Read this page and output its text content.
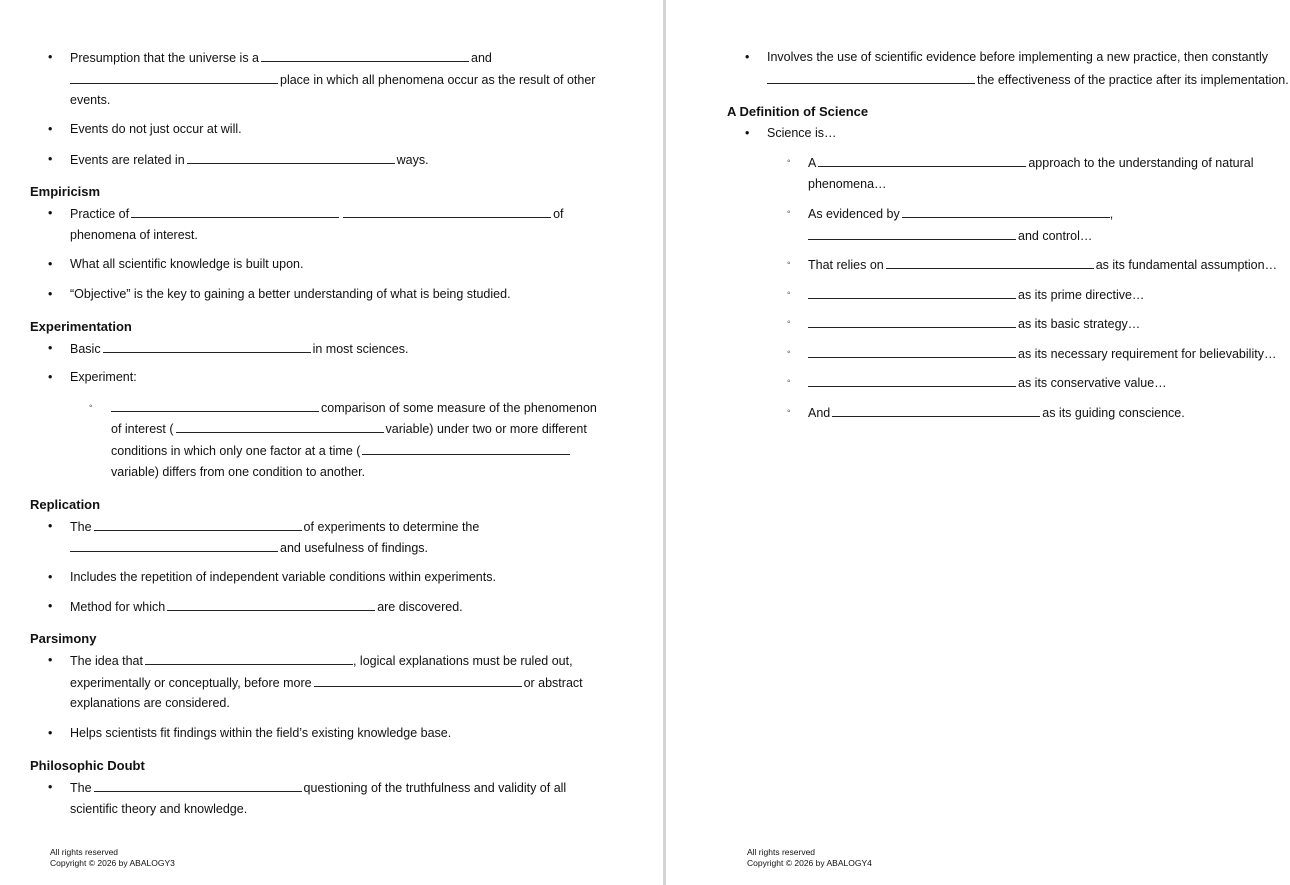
• Presumption that the universe is a	and
place in which all phenomena occur as the result of other
events.
• Events do not just occur at will.
• Events are related in	ways.
Empiricism
• Practice of	of
phenomena of interest.
• What all scientific knowledge is built upon.
• “Objective” is the key to gaining a better understanding of what is being studied.
Experimentation
• Basic	in most sciences.
• Experiment:
◦	comparison of some measure of the phenomenon
of interest (	variable) under two or more different
conditions in which only one factor at a time (
variable) differs from one condition to another.
Replication
• The	of experiments to determine the
and usefulness of findings.
• Includes the repetition of independent variable conditions within experiments.
• Method for which	are discovered.
Parsimony
• The idea that	, logical explanations must be ruled out,
experimentally or conceptually, before more	or abstract
explanations are considered.
• Helps scientists fit findings within the field’s existing knowledge base.
Philosophic Doubt
• The	questioning of the truthfulness and validity of all
scientific theory and knowledge.
All rights reserved
Copyright © 2026 by ABALOGY3
• Involves the use of scientific evidence before implementing a new practice, then constantly
the effectiveness of the practice after its implementation.
A Definition of Science
• Science is…
◦ A	approach to the understanding of natural
phenomena…
◦ As evidenced by	,
and control…
◦ That relies on	as its fundamental assumption…
◦	as its prime directive…
◦	as its basic strategy…
◦	as its necessary requirement for believability…
◦	as its conservative value…
◦ And	as its guiding conscience.
All rights reserved
Copyright © 2026 by ABALOGY4
